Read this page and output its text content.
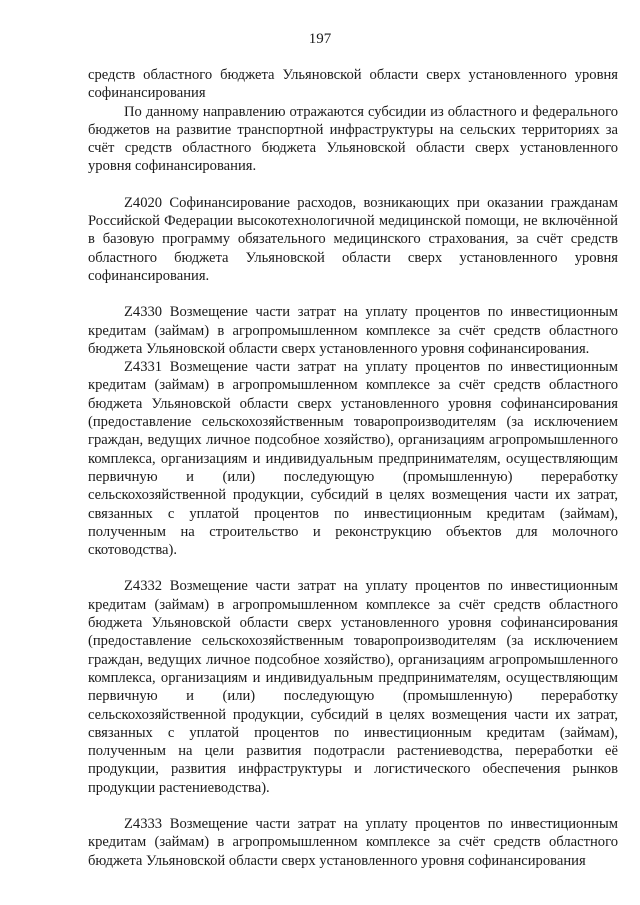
197

средств областного бюджета Ульяновской области сверх установленного уровня софинансирования

По данному направлению отражаются субсидии из областного и федерального бюджетов на развитие транспортной инфраструктуры на сельских территориях за счёт средств областного бюджета Ульяновской области сверх установленного уровня софинансирования.

Z4020 Софинансирование расходов, возникающих при оказании гражданам Российской Федерации высокотехнологичной медицинской помощи, не включённой в базовую программу обязательного медицинского страхования, за счёт средств областного бюджета Ульяновской области сверх установленного уровня софинансирования.

Z4330 Возмещение части затрат на уплату процентов по инвестиционным кредитам (займам) в агропромышленном комплексе за счёт средств областного бюджета Ульяновской области сверх установленного уровня софинансирования.

Z4331 Возмещение части затрат на уплату процентов по инвестиционным кредитам (займам) в агропромышленном комплексе за счёт средств областного бюджета Ульяновской области сверх установленного уровня софинансирования (предоставление сельскохозяйственным товаропроизводителям (за исключением граждан, ведущих личное подсобное хозяйство), организациям агропромышленного комплекса, организациям и индивидуальным предпринимателям, осуществляющим первичную и (или) последующую (промышленную) переработку сельскохозяйственной продукции, субсидий в целях возмещения части их затрат, связанных с уплатой процентов по инвестиционным кредитам (займам), полученным на строительство и реконструкцию объектов для молочного скотоводства).

Z4332 Возмещение части затрат на уплату процентов по инвестиционным кредитам (займам) в агропромышленном комплексе за счёт средств областного бюджета Ульяновской области сверх установленного уровня софинансирования (предоставление сельскохозяйственным товаропроизводителям (за исключением граждан, ведущих личное подсобное хозяйство), организациям агропромышленного комплекса, организациям и индивидуальным предпринимателям, осуществляющим первичную и (или) последующую (промышленную) переработку сельскохозяйственной продукции, субсидий в целях возмещения части их затрат, связанных с уплатой процентов по инвестиционным кредитам (займам), полученным на цели развития подотрасли растениеводства, переработки её продукции, развития инфраструктуры и логистического обеспечения рынков продукции растениеводства).

Z4333 Возмещение части затрат на уплату процентов по инвестиционным кредитам (займам) в агропромышленном комплексе за счёт средств областного бюджета Ульяновской области сверх установленного уровня софинансирования
